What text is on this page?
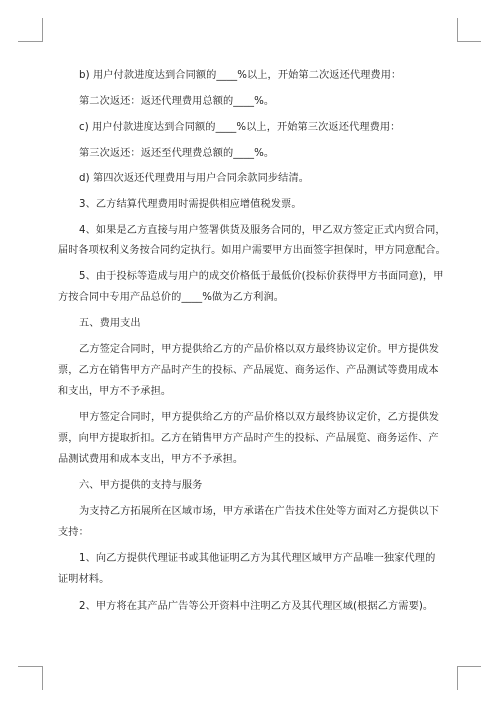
b) 用户付款进度达到合同额的____%以上，开始第二次返还代理费用：
第二次返还：返还代理费用总额的____%。
c) 用户付款进度达到合同额的____%以上，开始第三次返还代理费用：
第三次返还：返还至代理费总额的____%。
d) 第四次返还代理费用与用户合同余款同步结清。
3、乙方结算代理费用时需提供相应增值税发票。
4、如果是乙方直接与用户签署供货及服务合同的，甲乙双方签定正式内贸合同，
届时各项权利义务按合同约定执行。如用户需要甲方出面签字担保时，甲方同意配合。
5、由于投标等造成与用户的成交价格低于最低价(投标价获得甲方书面同意)，甲
方按合同中专用产品总价的____%做为乙方利润。
五、费用支出
乙方签定合同时，甲方提供给乙方的产品价格以双方最终协议定价。甲方提供发
票，乙方在销售甲方产品时产生的投标、产品展览、商务运作、产品测试等费用成本
和支出，甲方不予承担。
甲方签定合同时，甲方提供给乙方的产品价格以双方最终协议定价，乙方提供发
票，向甲方提取折扣。乙方在销售甲方产品时产生的投标、产品展览、商务运作、产
品测试费用和成本支出，甲方不予承担。
六、甲方提供的支持与服务
为支持乙方拓展所在区域市场，甲方承诺在广告技术住处等方面对乙方提供以下
支持：
1、向乙方提供代理证书或其他证明乙方为其代理区域甲方产品唯一独家代理的
证明材料。
2、甲方将在其产品广告等公开资料中注明乙方及其代理区域(根据乙方需要)。
